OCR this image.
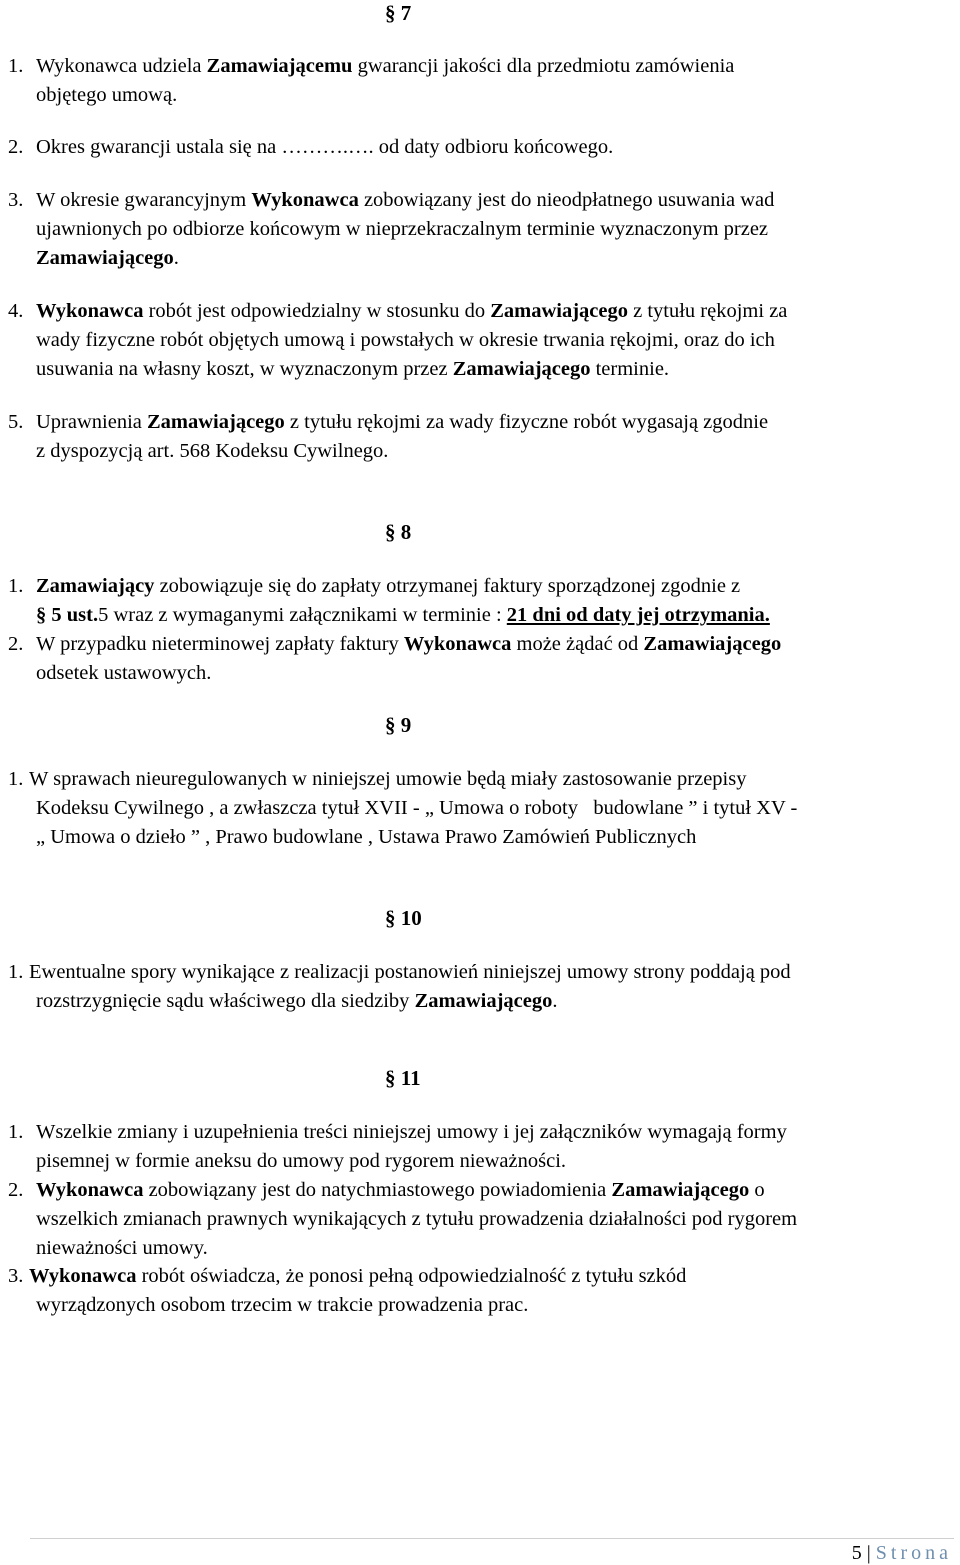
§ 7
1. Wykonawca udziela Zamawiającemu gwarancji jakości dla przedmiotu zamówienia
objętego umową.
2. Okres gwarancji ustala się na ……….…. od daty odbioru końcowego.
3. W okresie gwarancyjnym Wykonawca zobowiązany jest do nieodpłatnego usuwania wad
ujawnionych po odbiorze końcowym w nieprzekraczalnym terminie wyznaczonym przez
Zamawiającego.
4. Wykonawca robót jest odpowiedzialny w stosunku do Zamawiającego z tytułu rękojmi za
wady fizyczne robót objętych umową i powstałych w okresie trwania rękojmi, oraz do ich
usuwania na własny koszt, w wyznaczonym przez Zamawiającego terminie.
5. Uprawnienia Zamawiającego z tytułu rękojmi za wady fizyczne robót wygasają zgodnie
z dyspozycją art. 568 Kodeksu Cywilnego.
§ 8
1. Zamawiający zobowiązuje się do zapłaty otrzymanej faktury sporządzonej zgodnie z
§ 5 ust.5 wraz z wymaganymi załącznikami w terminie : 21 dni od daty jej otrzymania.
2. W przypadku nieterminowej zapłaty faktury Wykonawca może żądać od Zamawiającego
odsetek ustawowych.
§ 9
1. W sprawach nieuregulowanych w niniejszej umowie będą miały zastosowanie przepisy
Kodeksu Cywilnego , a zwłaszcza tytuł XVII - „ Umowa o roboty   budowlane ” i tytuł XV -
„ Umowa o dzieło ” , Prawo budowlane , Ustawa Prawo Zamówień Publicznych
§ 10
1. Ewentualne spory wynikające z realizacji postanowień niniejszej umowy strony poddają pod
rozstrzygnięcie sądu właściwego dla siedziby Zamawiającego.
§ 11
1. Wszelkie zmiany i uzupełnienia treści niniejszej umowy i jej załączników wymagają formy
pisemnej w formie aneksu do umowy pod rygorem nieważności.
2. Wykonawca zobowiązany jest do natychmiastowego powiadomienia Zamawiającego o
wszelkich zmianach prawnych wynikających z tytułu prowadzenia działalności pod rygorem
nieważności umowy.
3. Wykonawca robót oświadcza, że ponosi pełną odpowiedzialność z tytułu szkód
wyrządzonych osobom trzecim w trakcie prowadzenia prac.
5 | Strona
